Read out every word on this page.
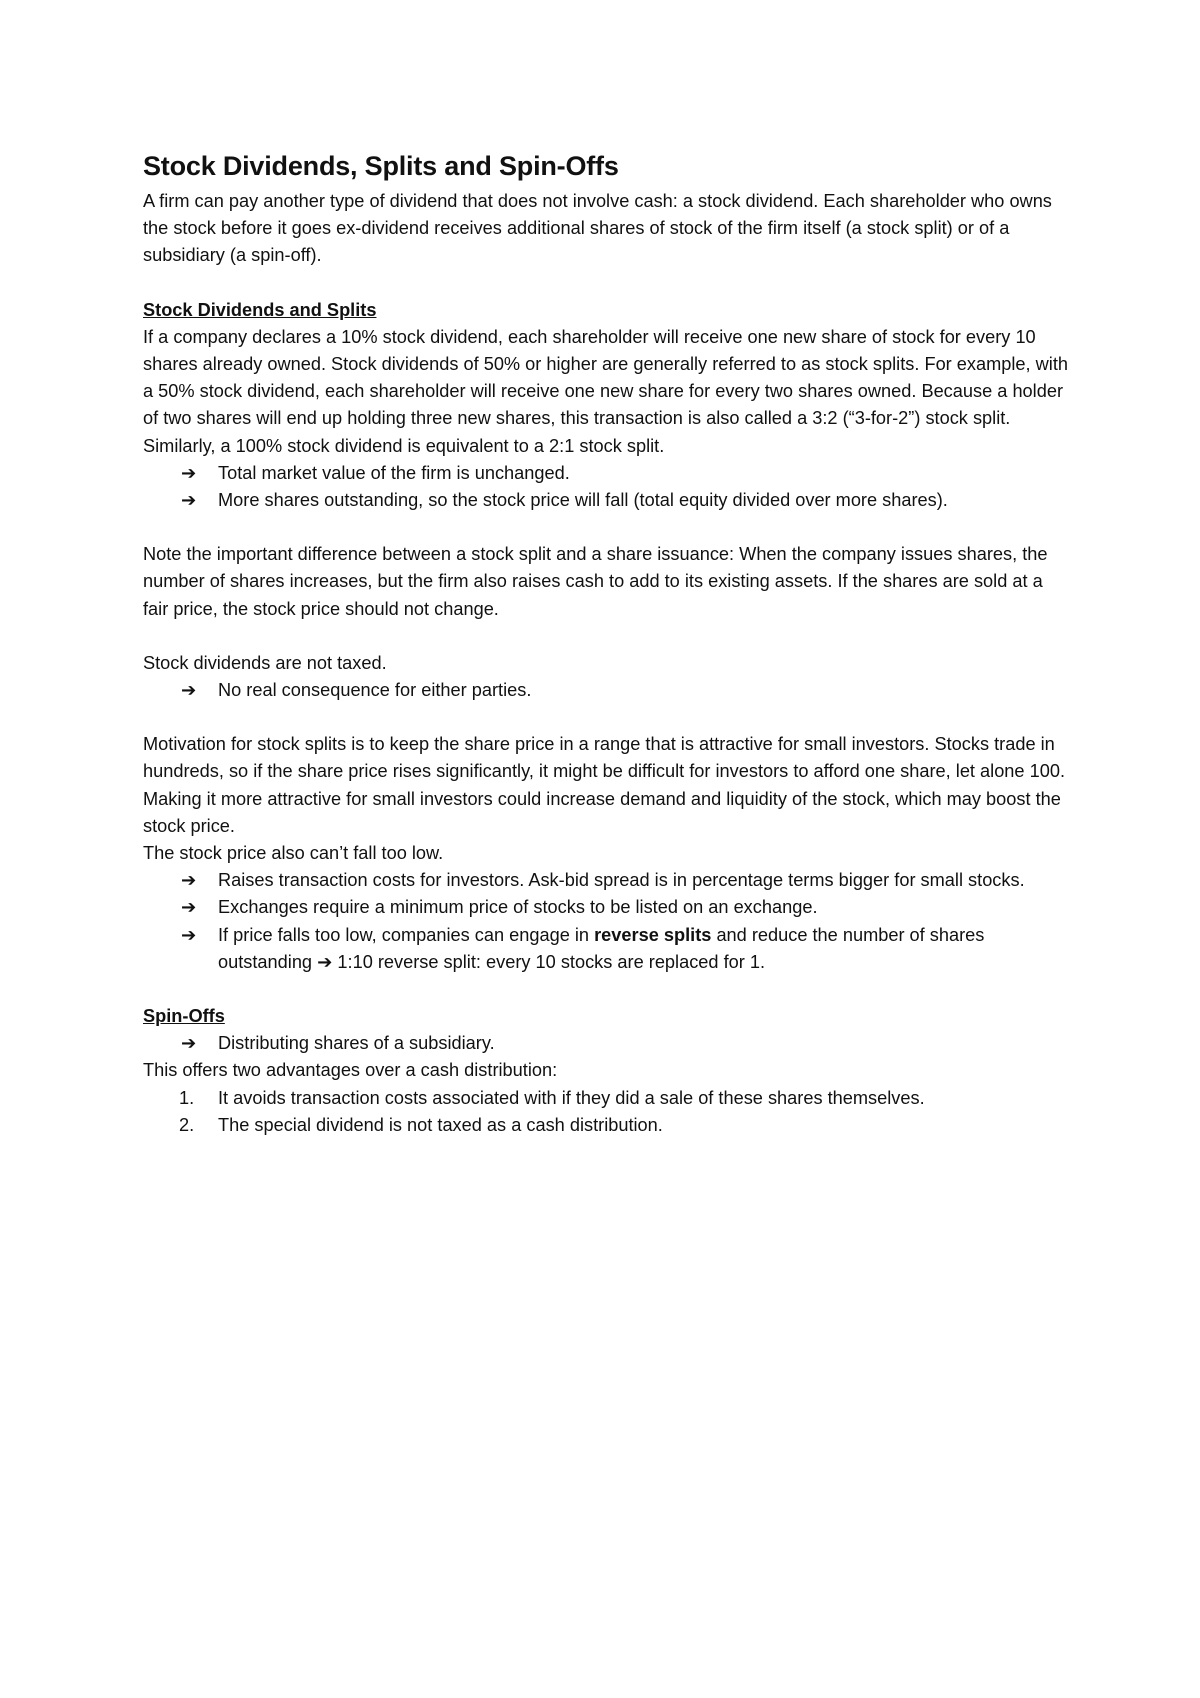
Stock Dividends, Splits and Spin-Offs

A firm can pay another type of dividend that does not involve cash: a stock dividend. Each shareholder who owns the stock before it goes ex-dividend receives additional shares of stock of the firm itself (a stock split) or of a subsidiary (a spin-off).

Stock Dividends and Splits

If a company declares a 10% stock dividend, each shareholder will receive one new share of stock for every 10 shares already owned. Stock dividends of 50% or higher are generally referred to as stock splits. For example, with a 50% stock dividend, each shareholder will receive one new share for every two shares owned. Because a holder of two shares will end up holding three new shares, this transaction is also called a 3:2 (“3-for-2”) stock split. Similarly, a 100% stock dividend is equivalent to a 2:1 stock split.

➔ Total market value of the firm is unchanged.
➔ More shares outstanding, so the stock price will fall (total equity divided over more shares).

Note the important difference between a stock split and a share issuance: When the company issues shares, the number of shares increases, but the firm also raises cash to add to its existing assets. If the shares are sold at a fair price, the stock price should not change.

Stock dividends are not taxed.

➔ No real consequence for either parties.

Motivation for stock splits is to keep the share price in a range that is attractive for small investors. Stocks trade in hundreds, so if the share price rises significantly, it might be difficult for investors to afford one share, let alone 100. Making it more attractive for small investors could increase demand and liquidity of the stock, which may boost the stock price.

The stock price also can’t fall too low.

➔ Raises transaction costs for investors. Ask-bid spread is in percentage terms bigger for small stocks.
➔ Exchanges require a minimum price of stocks to be listed on an exchange.
➔ If price falls too low, companies can engage in reverse splits and reduce the number of shares outstanding ➔ 1:10 reverse split: every 10 stocks are replaced for 1.

Spin-Offs

➔ Distributing shares of a subsidiary.

This offers two advantages over a cash distribution:

1. It avoids transaction costs associated with if they did a sale of these shares themselves.
2. The special dividend is not taxed as a cash distribution.
